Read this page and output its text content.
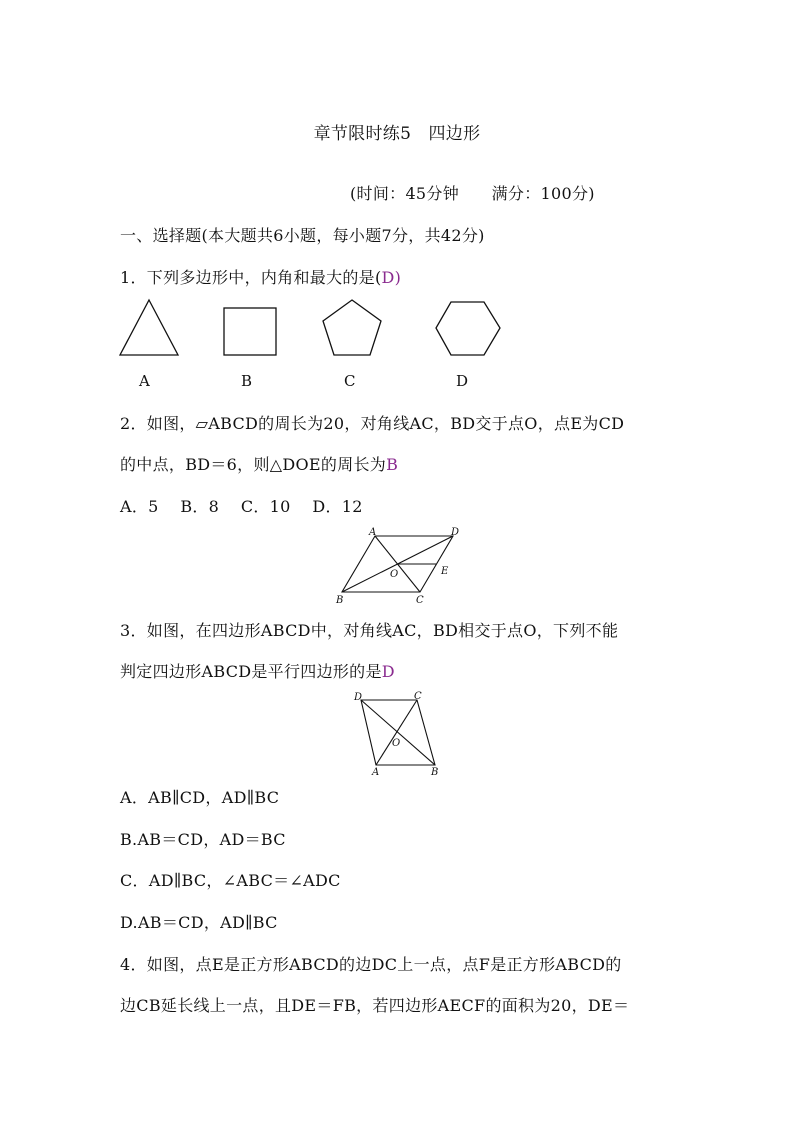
章节限时练5　四边形
(时间：45分钟　　满分：100分)
一、选择题(本大题共6小题，每小题7分，共42分)
1．下列多边形中，内角和最大的是(D)
A	B	C	D
2．如图，▱ABCD的周长为20，对角线AC，BD交于点O，点E为CD
的中点，BD＝6，则△DOE的周长为B
A．5　 B．8　 C．10　 D．12
A	D
O	E
B	C
3．如图，在四边形ABCD中，对角线AC，BD相交于点O，下列不能
判定四边形ABCD是平行四边形的是D
D	C
O
A	B
A．AB∥CD，AD∥BC
B.AB＝CD，AD＝BC
C．AD∥BC，∠ABC＝∠ADC
D.AB＝CD，AD∥BC
4．如图，点E是正方形ABCD的边DC上一点，点F是正方形ABCD的
边CB延长线上一点，且DE＝FB，若四边形AECF的面积为20，DE＝
